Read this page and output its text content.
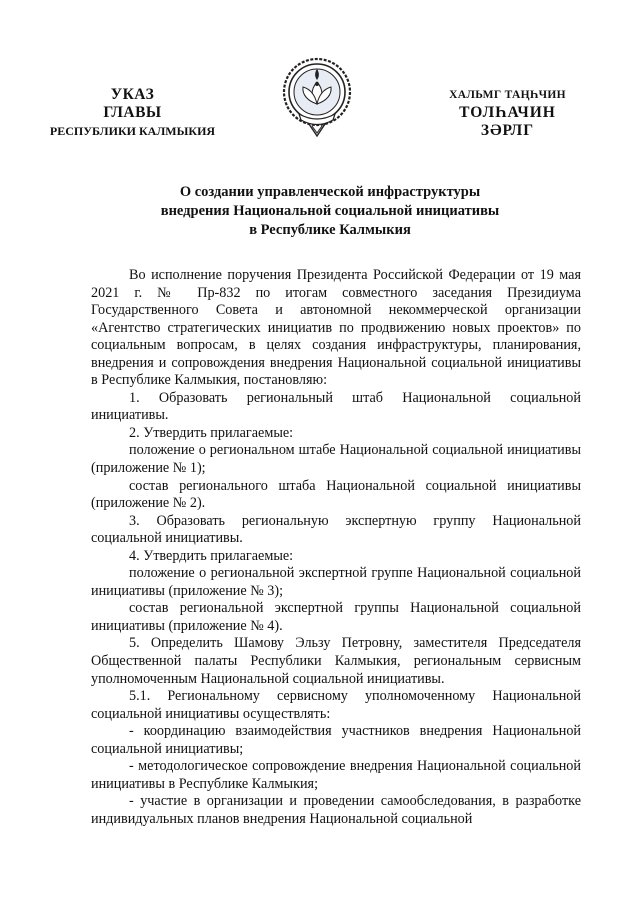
УКАЗ
ГЛАВЫ
РЕСПУБЛИКИ КАЛМЫКИЯ
ХАЛЬМГ ТАҢҺЧИН
ТОЛҺАЧИН
ЗӘРЛГ
О создании управленческой инфраструктуры
внедрения Национальной социальной инициативы
в Республике Калмыкия

Во исполнение поручения Президента Российской Федерации от 19 мая 2021 г. № Пр-832 по итогам совместного заседания Президиума Государственного Совета и автономной некоммерческой организации «Агентство стратегических инициатив по продвижению новых проектов» по социальным вопросам, в целях создания инфраструктуры, планирования, внедрения и сопровождения внедрения Национальной социальной инициативы в Республике Калмыкия, постановляю:

1. Образовать региональный штаб Национальной социальной инициативы.

2. Утвердить прилагаемые:

положение о региональном штабе Национальной социальной инициативы (приложение № 1);

состав регионального штаба Национальной социальной инициативы (приложение № 2).

3. Образовать региональную экспертную группу Национальной социальной инициативы.

4. Утвердить прилагаемые:

положение о региональной экспертной группе Национальной социальной инициативы (приложение № 3);

состав региональной экспертной группы Национальной социальной инициативы (приложение № 4).

5. Определить Шамову Эльзу Петровну, заместителя Председателя Общественной палаты Республики Калмыкия, региональным сервисным уполномоченным Национальной социальной инициативы.

5.1. Региональному сервисному уполномоченному Национальной социальной инициативы осуществлять:

- координацию взаимодействия участников внедрения Национальной социальной инициативы;

- методологическое сопровождение внедрения Национальной социальной инициативы в Республике Калмыкия;

- участие в организации и проведении самообследования, в разработке индивидуальных планов внедрения Национальной социальной
